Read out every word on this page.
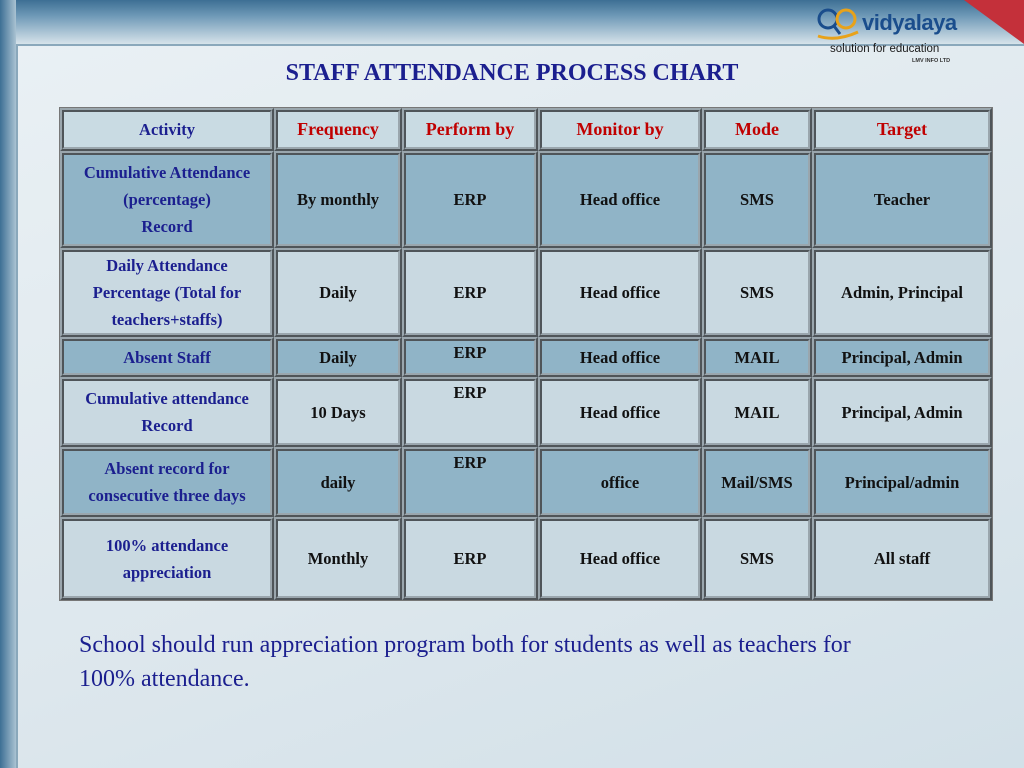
vidyalaya
solution for education
LMV INFO LTD
STAFF ATTENDANCE PROCESS CHART
Activity	Frequency	Perform by	Monitor by	Mode	Target

Cumulative Attendance
(percentage)
Record	By monthly	ERP	Head office	SMS	Teacher

Daily Attendance
Percentage (Total for
teachers+staffs)	Daily	ERP	Head office	SMS	Admin, Principal

Absent Staff	Daily	ERP	Head office	MAIL	Principal, Admin

Cumulative attendance
Record	10 Days	ERP	Head office	MAIL	Principal, Admin

Absent record for
consecutive three days	daily	ERP	office	Mail/SMS	Principal/admin

100% attendance
appreciation	Monthly	ERP	Head office	SMS	All staff
School should run appreciation program both for students as well as teachers for 100% attendance.
